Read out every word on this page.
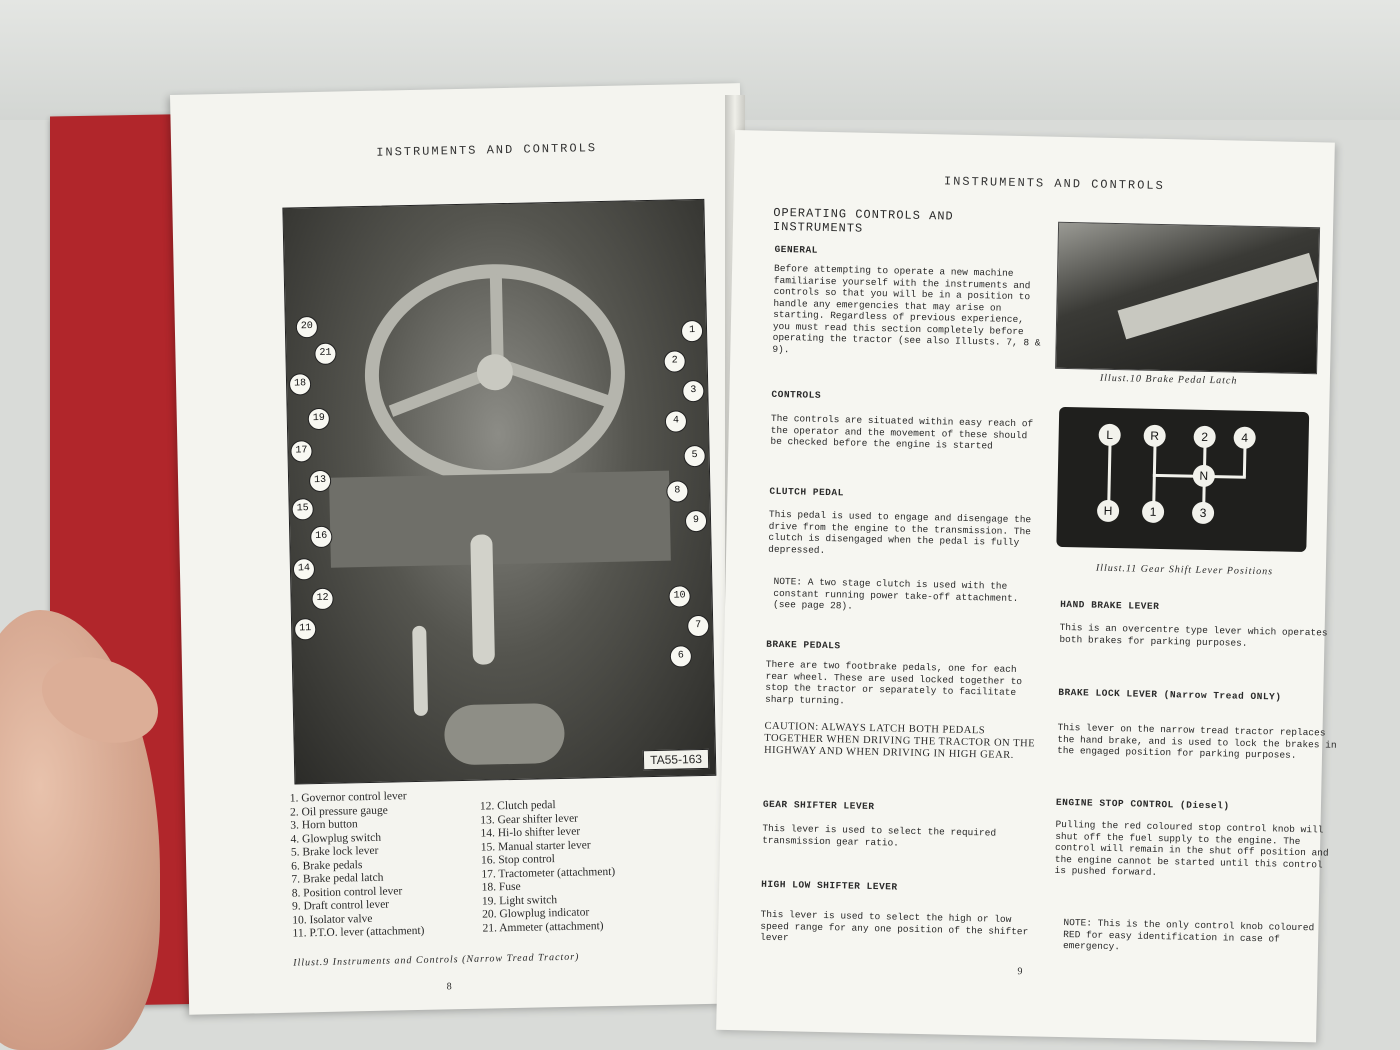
INSTRUMENTS AND CONTROLS
20
21
18
19
17
13
15
16
14
12
11
1
2
3
4
5
8
9
10
7
6
TA55-163
1. Governor control lever
2. Oil pressure gauge
3. Horn button
4. Glowplug switch
5. Brake lock lever
6. Brake pedals
7. Brake pedal latch
8. Position control lever
9. Draft control lever
10. Isolator valve
11. P.T.O. lever (attachment)
12. Clutch pedal
13. Gear shifter lever
14. Hi-lo shifter lever
15. Manual starter lever
16. Stop control
17. Tractometer (attachment)
18. Fuse
19. Light switch
20. Glowplug indicator
21. Ammeter (attachment)
Illust.9 Instruments and Controls (Narrow Tread Tractor)
8
INSTRUMENTS AND CONTROLS
OPERATING CONTROLS AND INSTRUMENTS
GENERAL
Before attempting to operate a new machine familiarise yourself with the instruments and controls so that you will be in a position to handle any emergencies that may arise on starting. Regardless of previous experience, you must read this section completely before operating the tractor (see also Illusts. 7, 8 & 9).
CONTROLS
The controls are situated within easy reach of the operator and the movement of these should be checked before the engine is started
CLUTCH PEDAL
This pedal is used to engage and disengage the drive from the engine to the transmission. The clutch is disengaged when the pedal is fully depressed.
NOTE: A two stage clutch is used with the constant running power take-off attachment. (see page 28).
BRAKE PEDALS
There are two footbrake pedals, one for each rear wheel. These are used locked together to stop the tractor or separately to facilitate sharp turning.
CAUTION: ALWAYS LATCH BOTH PEDALS TOGETHER WHEN DRIVING THE TRACTOR ON THE HIGHWAY AND WHEN DRIVING IN HIGH GEAR.
GEAR SHIFTER LEVER
This lever is used to select the required transmission gear ratio.
HIGH LOW SHIFTER LEVER
This lever is used to select the high or low speed range for any one position of the shifter lever
Illust.10 Brake Pedal Latch
L	R	2	4
N
H	1	3
Illust.11 Gear Shift Lever Positions
HAND BRAKE LEVER
This is an overcentre type lever which operates both brakes for parking purposes.
BRAKE LOCK LEVER (Narrow Tread ONLY)
This lever on the narrow tread tractor replaces the hand brake, and is used to lock the brakes in the engaged position for parking purposes.
ENGINE STOP CONTROL (Diesel)
Pulling the red coloured stop control knob will shut off the fuel supply to the engine. The control will remain in the shut off position and the engine cannot be started until this control is pushed forward.
NOTE: This is the only control knob coloured RED for easy identification in case of emergency.
9
